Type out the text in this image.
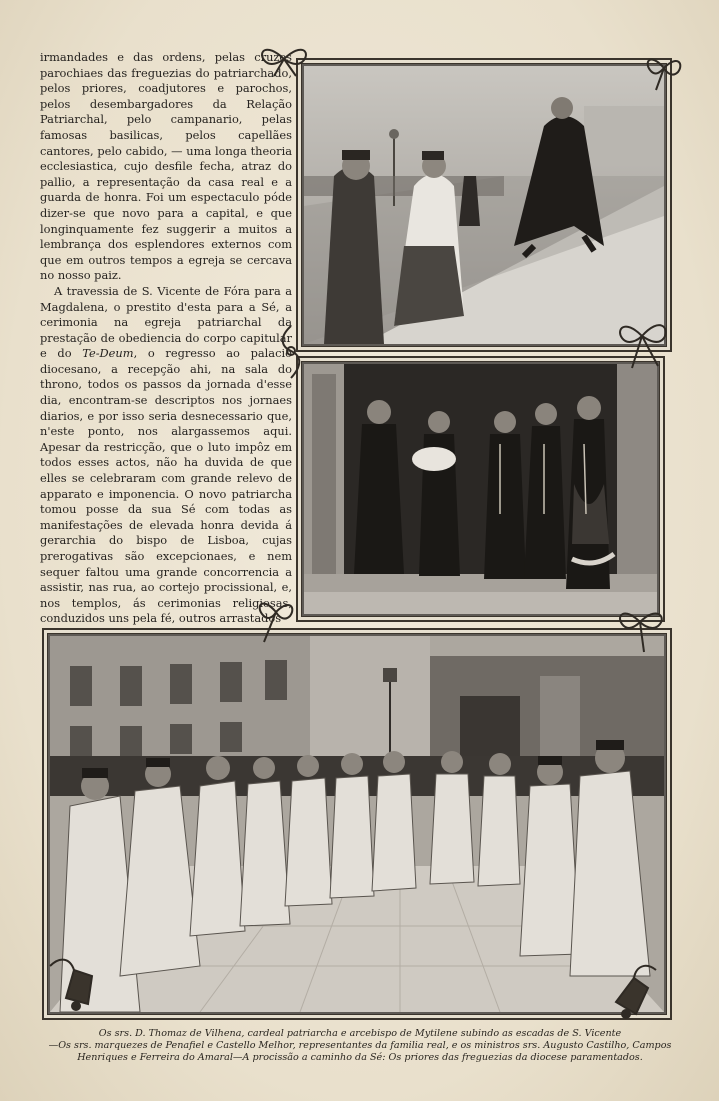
irmandades e das ordens, pelas cruzes parochiaes das freguezias do patriarchado, pelos priores, coadjutores e parochos, pelos desembargadores da Relação Patriarchal, pelo campanario, pelas famosas basilicas, pelos capellães cantores, pelo cabido, — uma longa theoria ecclesiastica, cujo desfile fecha, atraz do pallio, a representação da casa real e a guarda de honra. Foi um espectaculo póde dizer-se que novo para a capital, e que longinquamente fez suggerir a muitos a lembrança dos esplendores externos com que em outros tempos a egreja se cercava no nosso paiz.

A travessia de S. Vicente de Fóra para a Magdalena, o prestito d'esta para a Sé, a cerimonia na egreja patriarchal da prestação de obediencia do corpo capitular e do Te-Deum, o regresso ao palacio diocesano, a recepção ahi, na sala do throno, todos os passos da jornada d'esse dia, encontram-se descriptos nos jornaes diarios, e por isso seria desnecessario que, n'este ponto, nos alargassemos aqui. Apesar da restricção, que o luto impôz em todos esses actos, não ha duvida de que elles se celebraram com grande relevo de apparato e imponencia. O novo patriarcha tomou posse da sua Sé com todas as manifestações de elevada honra devida á gerarchia do bispo de Lisboa, cujas prerogativas são excepcionaes, e nem sequer faltou uma grande concorrencia a assistir, nas rua, ao cortejo procissional, e, nos templos, ás cerimonias religiosas, conduzidos uns pela fé, outros arrastados

Os srs. D. Thomaz de Vilhena, cardeal patriarcha e arcebispo de Mytilene subindo as escadas de S. Vicente
—Os srs. marquezes de Penafiel e Castello Melhor, representantes da familia real, e os ministros srs. Augusto Castilho, Campos
Henriques e Ferreira do Amaral—A procissão a caminho da Sé: Os priores das freguezias da diocese paramentados.
